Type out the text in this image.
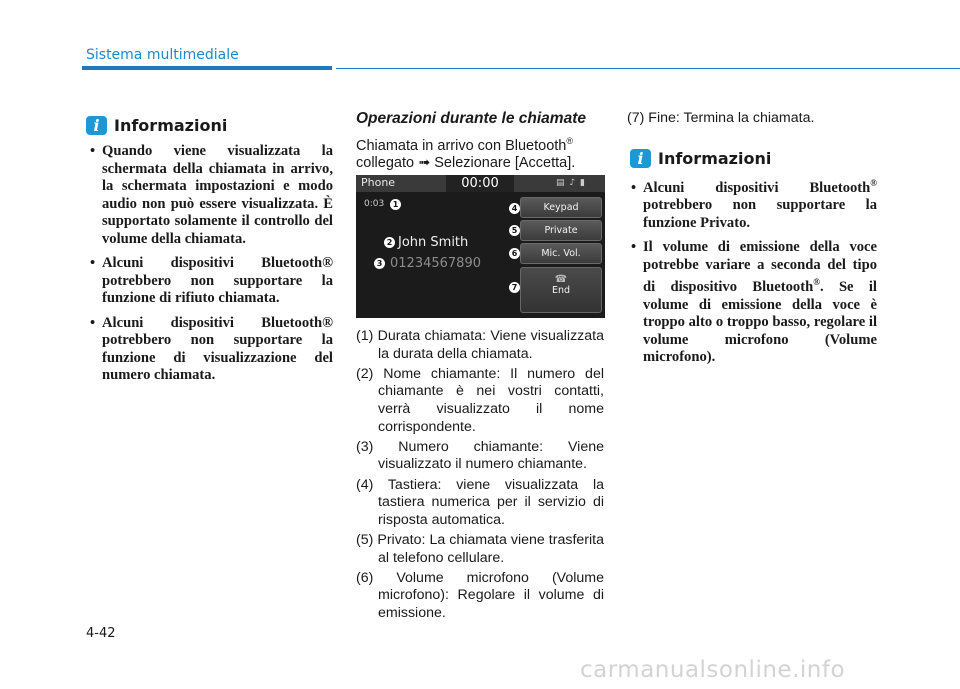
Sistema multimediale
i Informazioni
• Quando viene visualizzata la schermata della chiamata in arrivo, la schermata impostazioni e modo audio non può essere visualizzata. È supportato solamente il controllo del volume della chiamata.
• Alcuni dispositivi Bluetooth® potrebbero non supportare la funzione di rifiuto chiamata.
• Alcuni dispositivi Bluetooth® potrebbero non supportare la funzione di visualizzazione del numero chiamata.
Operazioni durante le chiamate
Chiamata in arrivo con Bluetooth®
collegato ➟ Selezionare [Accetta].
Phone	00:00	▤ ♪ ▮
0:03	1
2 John Smith
3 01234567890
4	Keypad
5	Private
6	Mic. Vol.
7
☎
End
(1) Durata chiamata: Viene visualizzata la durata della chiamata.
(2) Nome chiamante: Il numero del chiamante è nei vostri contatti, verrà visualizzato il nome corrispondente.
(3) Numero chiamante: Viene visualizzato il numero chiamante.
(4) Tastiera: viene visualizzata la tastiera numerica per il servizio di risposta automatica.
(5) Privato: La chiamata viene trasferita al telefono cellulare.
(6) Volume microfono (Volume microfono): Regolare il volume di emissione.
(7) Fine: Termina la chiamata.
i Informazioni
• Alcuni dispositivi Bluetooth® potrebbero non supportare la funzione Privato.
• Il volume di emissione della voce potrebbe variare a seconda del tipo di dispositivo Bluetooth®. Se il volume di emissione della voce è troppo alto o troppo basso, regolare il volume microfono (Volume microfono).
4-42
carmanualsonline.info
